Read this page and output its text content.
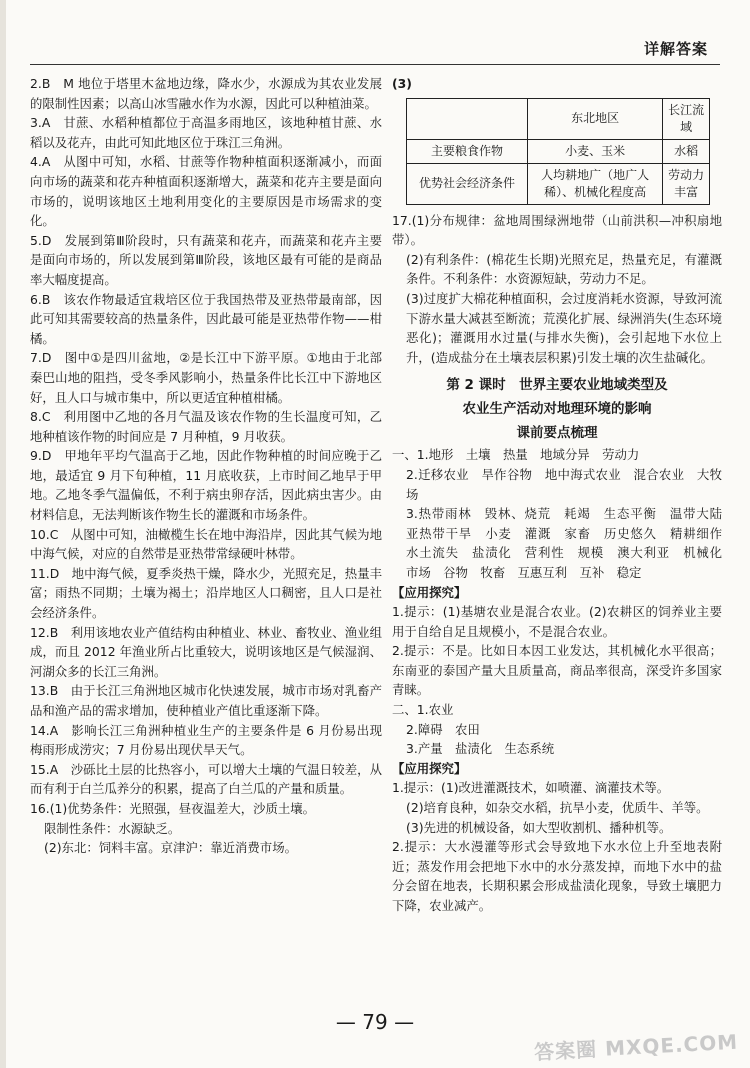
详解答案
2.B　M 地位于塔里木盆地边缘，降水少，水源成为其农业发展的限制性因素；以高山冰雪融水作为水源，因此可以种植油菜。
3.A　甘蔗、水稻种植都位于高温多雨地区，该地种植甘蔗、水稻以及花卉，由此可知此地区位于珠江三角洲。
4.A　从图中可知，水稻、甘蔗等作物种植面积逐渐减小，而面向市场的蔬菜和花卉种植面积逐渐增大，蔬菜和花卉主要是面向市场的，说明该地区土地利用变化的主要原因是市场需求的变化。
5.D　发展到第Ⅲ阶段时，只有蔬菜和花卉，而蔬菜和花卉主要是面向市场的，所以发展到第Ⅲ阶段，该地区最有可能的是商品率大幅度提高。
6.B　该农作物最适宜栽培区位于我国热带及亚热带最南部，因此可知其需要较高的热量条件，因此最可能是亚热带作物——柑橘。
7.D　图中①是四川盆地，②是长江中下游平原。①地由于北部秦巴山地的阻挡，受冬季风影响小，热量条件比长江中下游地区好，且人口与城市集中，所以更适宜种植柑橘。
8.C　利用图中乙地的各月气温及该农作物的生长温度可知，乙地种植该作物的时间应是 7 月种植，9 月收获。
9.D　甲地年平均气温高于乙地，因此作物种植的时间应晚于乙地，最适宜 9 月下旬种植，11 月底收获，上市时间乙地早于甲地。乙地冬季气温偏低，不利于病虫卵存活，因此病虫害少。由材料信息，无法判断该作物生长的灌溉和市场条件。
10.C　从图中可知，油橄榄生长在地中海沿岸，因此其气候为地中海气候，对应的自然带是亚热带常绿硬叶林带。
11.D　地中海气候，夏季炎热干燥，降水少，光照充足，热量丰富；雨热不同期；土壤为褐土；沿岸地区人口稠密，且人口是社会经济条件。
12.B　利用该地农业产值结构由种植业、林业、畜牧业、渔业组成，而且 2012 年渔业所占比重较大，说明该地区是气候湿润、河湖众多的长江三角洲。
13.B　由于长江三角洲地区城市化快速发展，城市市场对乳畜产品和渔产品的需求增加，使种植业产值比重逐渐下降。
14.A　影响长江三角洲种植业生产的主要条件是 6 月份易出现梅雨形成涝灾；7 月份易出现伏旱天气。
15.A　沙砾比土层的比热容小，可以增大土壤的气温日较差，从而有利于白兰瓜养分的积累，提高了白兰瓜的产量和质量。
16.(1)优势条件：光照强，昼夜温差大，沙质土壤。
限制性条件：水源缺乏。
(2)东北：饲料丰富。京津沪：靠近消费市场。
(3)
	东北地区	长江流域
主要粮食作物	小麦、玉米	水稻
优势社会经济条件	人均耕地广（地广人稀）、机械化程度高	劳动力丰富
17.(1)分布规律：盆地周围绿洲地带（山前洪积—冲积扇地带）。
(2)有利条件：(棉花生长期)光照充足，热量充足，有灌溉条件。不利条件：水资源短缺，劳动力不足。
(3)过度扩大棉花种植面积，会过度消耗水资源，导致河流下游水量大减甚至断流；荒漠化扩展、绿洲消失(生态环境恶化)；灌溉用水过量(与排水失衡)，会引起地下水位上升，(造成盐分在土壤表层积累)引发土壤的次生盐碱化。
第 2 课时　世界主要农业地域类型及
农业生产活动对地理环境的影响
课前要点梳理
一、1.地形　土壤　热量　地域分异　劳动力
2.迁移农业　旱作谷物　地中海式农业　混合农业　大牧场
3.热带雨林　毁林、烧荒　耗竭　生态平衡　温带大陆　亚热带干旱　小麦　灌溉　家畜　历史悠久　精耕细作　水土流失　盐渍化　营利性　规模　澳大利亚　机械化　市场　谷物　牧畜　互惠互利　互补　稳定
【应用探究】
1.提示：(1)基塘农业是混合农业。(2)农耕区的饲养业主要用于自给自足且规模小，不是混合农业。
2.提示：不是。比如日本因工业发达，其机械化水平很高；东南亚的泰国产量大且质量高，商品率很高，深受许多国家青睐。
二、1.农业
2.障碍　农田
3.产量　盐渍化　生态系统
【应用探究】
1.提示：(1)改进灌溉技术，如喷灌、滴灌技术等。
(2)培育良种，如杂交水稻，抗旱小麦，优质牛、羊等。
(3)先进的机械设备，如大型收割机、播种机等。
2.提示：大水漫灌等形式会导致地下水水位上升至地表附近；蒸发作用会把地下水中的水分蒸发掉，而地下水中的盐分会留在地表，长期积累会形成盐渍化现象，导致土壤肥力下降，农业减产。
— 79 —
答案圈 MXQE.COM
